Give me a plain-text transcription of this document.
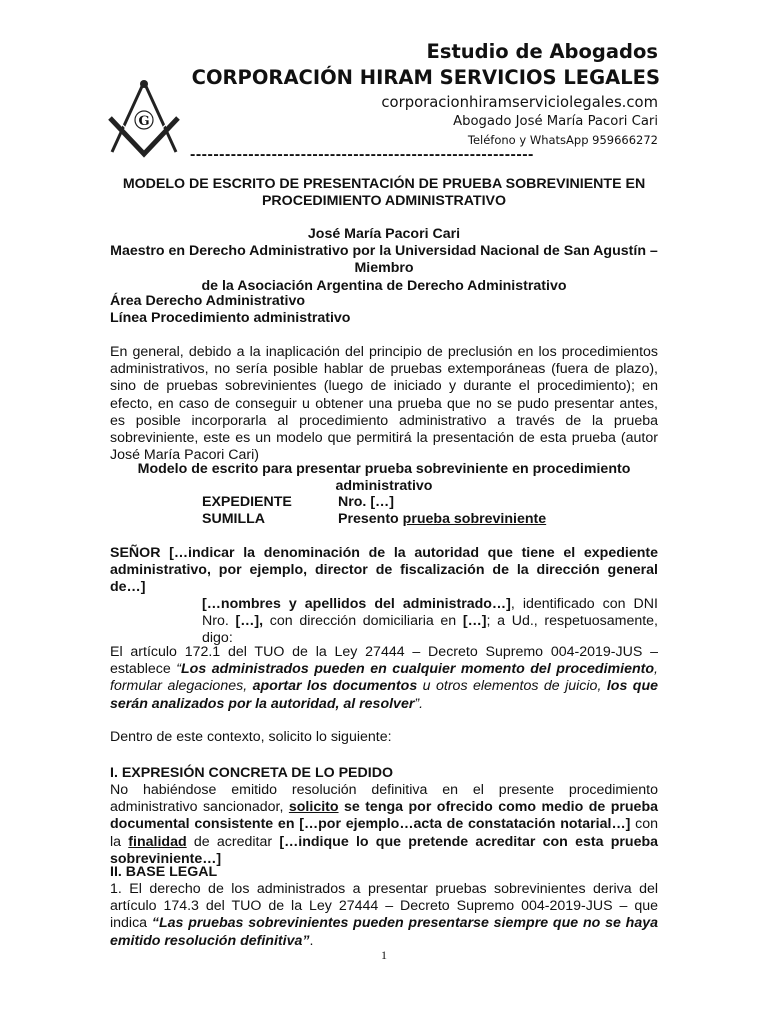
G
Estudio de Abogados
CORPORACIÓN HIRAM SERVICIOS LEGALES
corporacionhiramserviciolegales.com
Abogado José María Pacori Cari
Teléfono y WhatsApp 959666272
-----------------------------------------------------------
MODELO DE ESCRITO DE PRESENTACIÓN DE PRUEBA SOBREVINIENTE EN
PROCEDIMIENTO ADMINISTRATIVO
José María Pacori Cari
Maestro en Derecho Administrativo por la Universidad Nacional de San Agustín – Miembro
de la Asociación Argentina de Derecho Administrativo
Área Derecho Administrativo
Línea Procedimiento administrativo
En general, debido a la inaplicación del principio de preclusión en los procedimientos administrativos, no sería posible hablar de pruebas extemporáneas (fuera de plazo), sino de pruebas sobrevinientes (luego de iniciado y durante el procedimiento); en efecto, en caso de conseguir u obtener una prueba que no se pudo presentar antes, es posible incorporarla al procedimiento administrativo a través de la prueba sobreviniente, este es un modelo que permitirá la presentación de esta prueba (autor José María Pacori Cari)
Modelo de escrito para presentar prueba sobreviniente en procedimiento administrativo
EXPEDIENTE	Nro. […]
SUMILLA	Presento prueba sobreviniente
SEÑOR […indicar la denominación de la autoridad que tiene el expediente administrativo, por ejemplo, director de fiscalización de la dirección general de…]
[…nombres y apellidos del administrado…], identificado con DNI Nro. […], con dirección domiciliaria en […]; a Ud., respetuosamente, digo:
El artículo 172.1 del TUO de la Ley 27444 – Decreto Supremo 004-2019-JUS – establece “Los administrados pueden en cualquier momento del procedimiento, formular alegaciones, aportar los documentos u otros elementos de juicio, los que serán analizados por la autoridad, al resolver”.
Dentro de este contexto, solicito lo siguiente:
I. EXPRESIÓN CONCRETA DE LO PEDIDO
No habiéndose emitido resolución definitiva en el presente procedimiento administrativo sancionador, solicito se tenga por ofrecido como medio de prueba documental consistente en […por ejemplo…acta de constatación notarial…] con la finalidad de acreditar […indique lo que pretende acreditar con esta prueba sobreviniente…]
II. BASE LEGAL
1. El derecho de los administrados a presentar pruebas sobrevinientes deriva del artículo 174.3 del TUO de la Ley 27444 – Decreto Supremo 004-2019-JUS – que indica “Las pruebas sobrevinientes pueden presentarse siempre que no se haya emitido resolución definitiva”.
1
